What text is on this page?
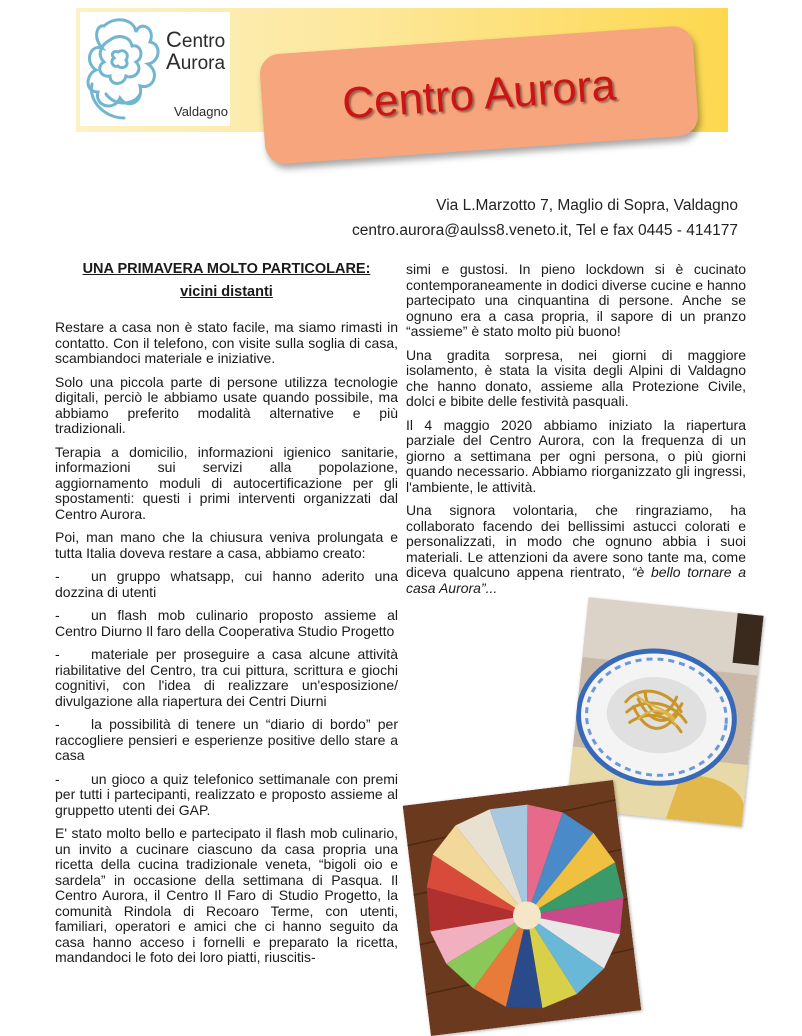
Centro
Aurora
Valdagno	Centro Aurora
Via L.Marzotto 7, Maglio di Sopra, Valdagno
centro.aurora@aulss8.veneto.it, Tel e fax 0445 - 414177
UNA PRIMAVERA MOLTO PARTICOLARE:
vicini distanti

Restare a casa non è stato facile, ma siamo rimasti in contatto. Con il telefono, con visite sulla soglia di casa, scambiandoci materiale e iniziative.

Solo una piccola parte di persone utilizza tecnologie digitali, perciò le abbiamo usate quando possibile, ma abbiamo preferito modalità alternative e più tradizionali.

Terapia a domicilio, informazioni igienico sanitarie, informazioni sui servizi alla popolazione, aggiornamento moduli di autocertificazione per gli spostamenti: questi i primi interventi organizzati dal Centro Aurora.

Poi, man mano che la chiusura veniva prolungata e tutta Italia doveva restare a casa, abbiamo creato:

- un gruppo whatsapp, cui hanno aderito una dozzina di utenti

- un flash mob culinario proposto assieme al Centro Diurno Il faro della Cooperativa Studio Progetto

- materiale per proseguire a casa alcune attività riabilitative del Centro, tra cui pittura, scrittura e giochi cognitivi, con l'idea di realizzare un'esposizione/ divulgazione alla riapertura dei Centri Diurni

- la possibilità di tenere un “diario di bordo” per raccogliere pensieri e esperienze positive dello stare a casa

- un gioco a quiz telefonico settimanale con premi per tutti i partecipanti, realizzato e proposto assieme al gruppetto utenti dei GAP.

E' stato molto bello e partecipato il flash mob culinario, un invito a cucinare ciascuno da casa propria una ricetta della cucina tradizionale veneta, “bigoli oio e sardela” in occasione della settimana di Pasqua. Il Centro Aurora, il Centro Il Faro di Studio Progetto, la comunità Rindola di Recoaro Terme, con utenti, familiari, operatori e amici che ci hanno seguito da casa hanno acceso i fornelli e preparato la ricetta, mandandoci le foto dei loro piatti, riuscitis-

simi e gustosi. In pieno lockdown si è cucinato contemporaneamente in dodici diverse cucine e hanno partecipato una cinquantina di persone. Anche se ognuno era a casa propria, il sapore di un pranzo “assieme” è stato molto più buono!

Una gradita sorpresa, nei giorni di maggiore isolamento, è stata la visita degli Alpini di Valdagno che hanno donato, assieme alla Protezione Civile, dolci e bibite delle festività pasquali.

Il 4 maggio 2020 abbiamo iniziato la riapertura parziale del Centro Aurora, con la frequenza di un giorno a settimana per ogni persona, o più giorni quando necessario. Abbiamo riorganizzato gli ingressi, l'ambiente, le attività.

Una signora volontaria, che ringraziamo, ha collaborato facendo dei bellissimi astucci colorati e personalizzati, in modo che ognuno abbia i suoi materiali. Le attenzioni da avere sono tante ma, come diceva qualcuno appena rientrato, “è bello tornare a casa Aurora”...
